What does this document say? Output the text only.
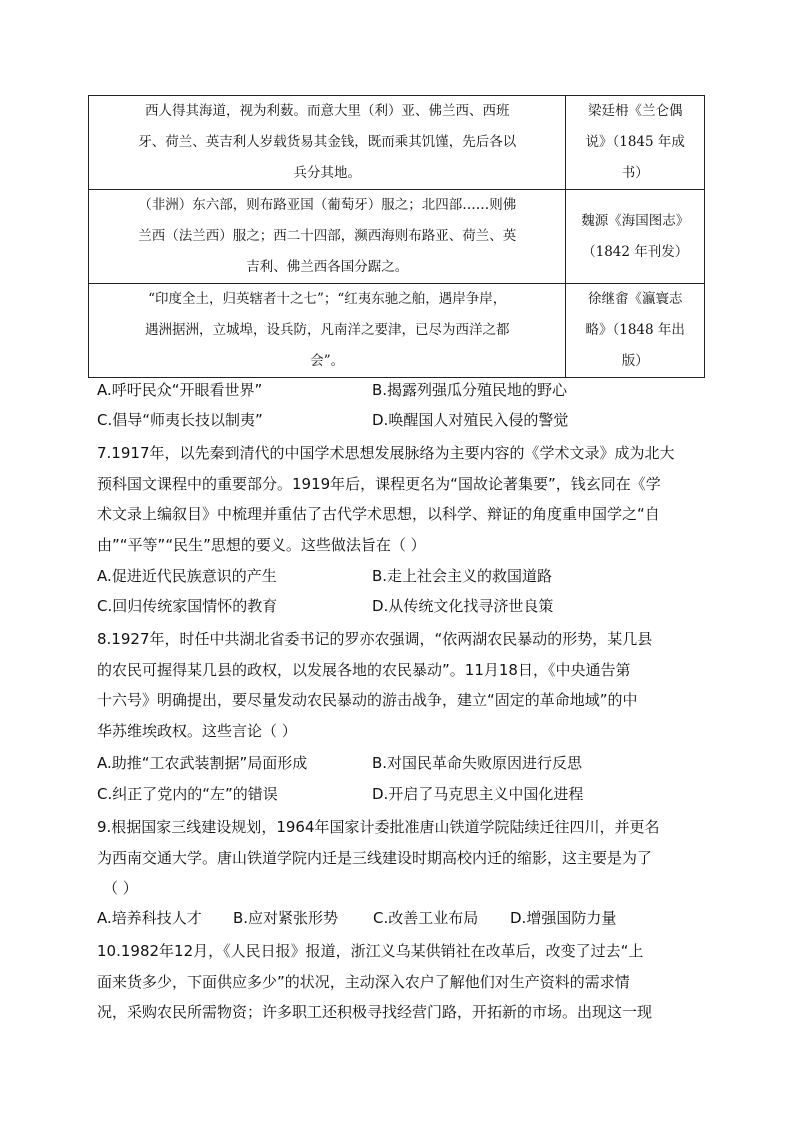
西人得其海道，视为利薮。而意大里（利）亚、佛兰西、西班
牙、荷兰、英吉利人岁载货易其金钱，既而乘其饥馑，先后各以
兵分其地。	梁廷枏《兰仑偶
说》（1845 年成
书）
（非洲）东六部，则布路亚国（葡萄牙）服之；北四部……则佛
兰西（法兰西）服之；西二十四部，濒西海则布路亚、荷兰、英
吉利、佛兰西各国分踞之。	魏源《海国图志》
（1842 年刊发）
“印度全土，归英辖者十之七”；“红夷东驰之舶，遇岸争岸，
遇洲据洲，立城埠，设兵防，凡南洋之要津，已尽为西洋之都
会”。	徐继畬《瀛寰志
略》（1848 年出
版）
A.呼吁民众“开眼看世界”	B.揭露列强瓜分殖民地的野心
C.倡导“师夷长技以制夷”	D.唤醒国人对殖民入侵的警觉
7.1917年，以先秦到清代的中国学术思想发展脉络为主要内容的《学术文录》成为北大
预科国文课程中的重要部分。1919年后，课程更名为“国故论著集要”，钱玄同在《学
术文录上编叙目》中梳理并重估了古代学术思想，以科学、辩证的角度重申国学之“自
由”“平等”“民生”思想的要义。这些做法旨在（ ）
A.促进近代民族意识的产生	B.走上社会主义的救国道路
C.回归传统家国情怀的教育	D.从传统文化找寻济世良策
8.1927年，时任中共湖北省委书记的罗亦农强调，“依两湖农民暴动的形势，某几县
的农民可握得某几县的政权，以发展各地的农民暴动”。11月18日，《中央通告第
十六号》明确提出，要尽量发动农民暴动的游击战争，建立“固定的革命地域”的中
华苏维埃政权。这些言论（ ）
A.助推“工农武装割据”局面形成	B.对国民革命失败原因进行反思
C.纠正了党内的“左”的错误	D.开启了马克思主义中国化进程
9.根据国家三线建设规划，1964年国家计委批准唐山铁道学院陆续迁往四川，并更名
为西南交通大学。唐山铁道学院内迁是三线建设时期高校内迁的缩影，这主要是为了
（ ）
A.培养科技人才 B.应对紧张形势 C.改善工业布局 D.增强国防力量
10.1982年12月，《人民日报》报道，浙江义乌某供销社在改革后，改变了过去“上
面来货多少，下面供应多少”的状况，主动深入农户了解他们对生产资料的需求情
况，采购农民所需物资；许多职工还积极寻找经营门路，开拓新的市场。出现这一现
